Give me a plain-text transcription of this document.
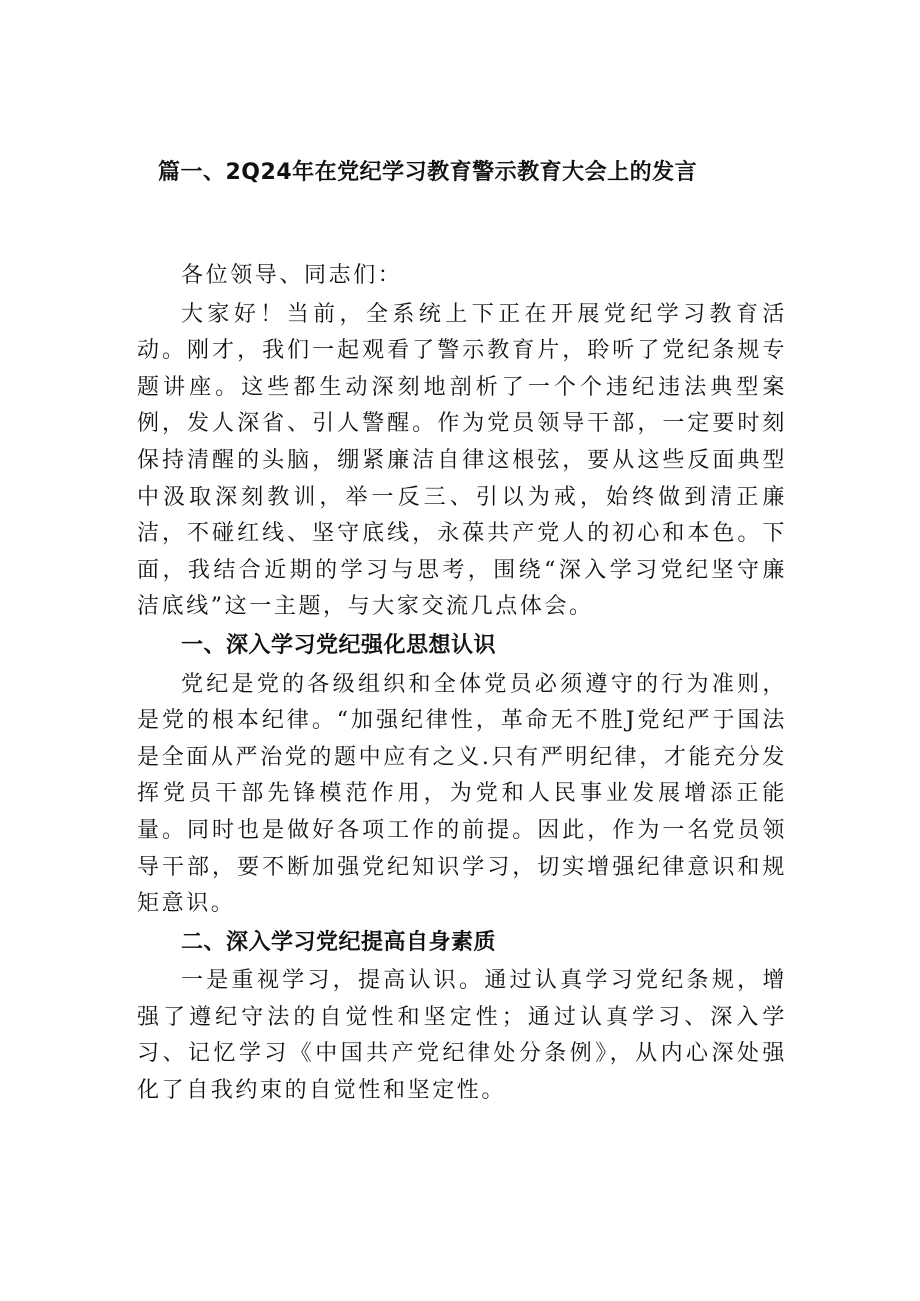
篇一、2Q24年在党纪学习教育警示教育大会上的发言

各位领导、同志们：

大家好！当前，全系统上下正在开展党纪学习教育活动。刚才，我们一起观看了警示教育片，聆听了党纪条规专题讲座。这些都生动深刻地剖析了一个个违纪违法典型案例，发人深省、引人警醒。作为党员领导干部，一定要时刻保持清醒的头脑，绷紧廉洁自律这根弦，要从这些反面典型中汲取深刻教训，举一反三、引以为戒，始终做到清正廉洁，不碰红线、坚守底线，永葆共产党人的初心和本色。下面，我结合近期的学习与思考，围绕“深入学习党纪坚守廉洁底线”这一主题，与大家交流几点体会。

一、深入学习党纪强化思想认识

党纪是党的各级组织和全体党员必须遵守的行为准则，是党的根本纪律。“加强纪律性，革命无不胜J党纪严于国法是全面从严治党的题中应有之义.只有严明纪律，才能充分发挥党员干部先锋模范作用，为党和人民事业发展增添正能量。同时也是做好各项工作的前提。因此，作为一名党员领导干部，要不断加强党纪知识学习，切实增强纪律意识和规矩意识。

二、深入学习党纪提高自身素质

一是重视学习，提高认识。通过认真学习党纪条规，增强了遵纪守法的自觉性和坚定性；通过认真学习、深入学习、记忆学习《中国共产党纪律处分条例》，从内心深处强化了自我约束的自觉性和坚定性。
